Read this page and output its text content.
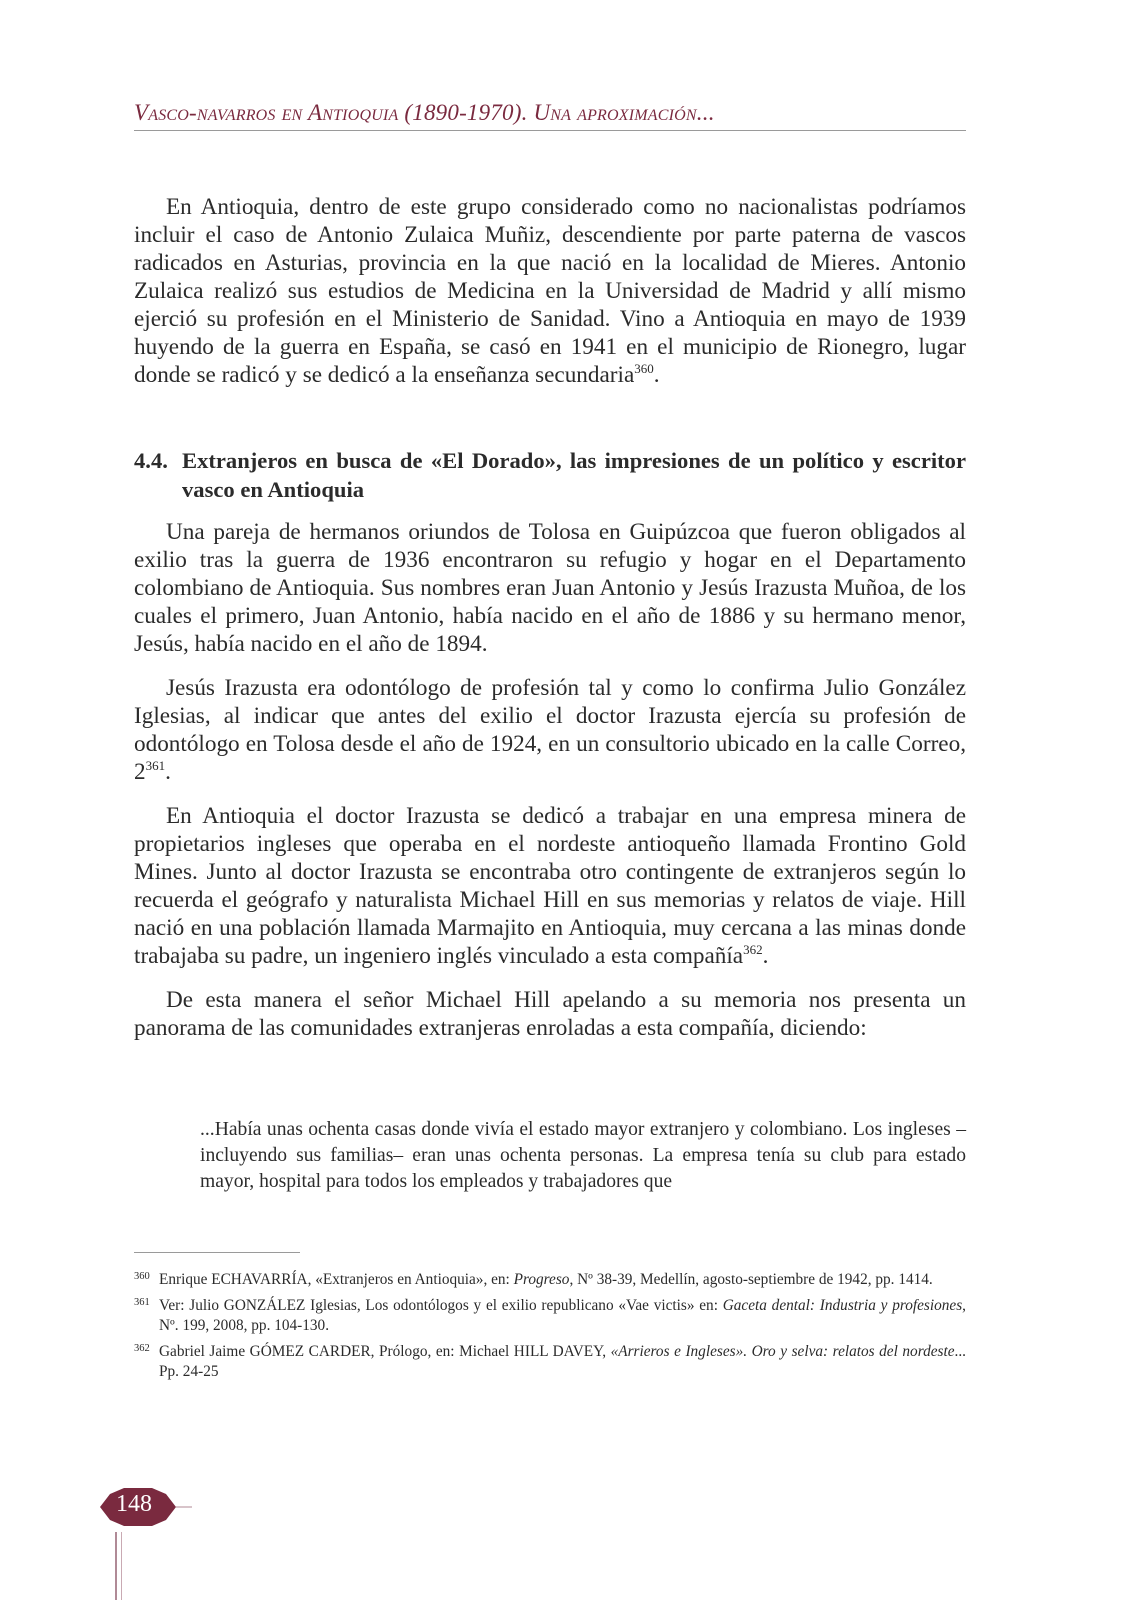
Vasco-navarros en Antioquia (1890-1970). Una aproximación...

En Antioquia, dentro de este grupo considerado como no nacionalistas podríamos incluir el caso de Antonio Zulaica Muñiz, descendiente por parte paterna de vascos radicados en Asturias, provincia en la que nació en la localidad de Mieres. Antonio Zulaica realizó sus estudios de Medicina en la Universidad de Madrid y allí mismo ejerció su profesión en el Ministerio de Sanidad. Vino a Antioquia en mayo de 1939 huyendo de la guerra en España, se casó en 1941 en el municipio de Rionegro, lugar donde se radicó y se dedicó a la enseñanza secundaria$^{360}$.

4.4. Extranjeros en busca de «El Dorado», las impresiones de un político y escritor vasco en Antioquia

Una pareja de hermanos oriundos de Tolosa en Guipúzcoa que fueron obligados al exilio tras la guerra de 1936 encontraron su refugio y hogar en el Departamento colombiano de Antioquia. Sus nombres eran Juan Antonio y Jesús Irazusta Muñoa, de los cuales el primero, Juan Antonio, había nacido en el año de 1886 y su hermano menor, Jesús, había nacido en el año de 1894.

Jesús Irazusta era odontólogo de profesión tal y como lo confirma Julio González Iglesias, al indicar que antes del exilio el doctor Irazusta ejercía su profesión de odontólogo en Tolosa desde el año de 1924, en un consultorio ubicado en la calle Correo, $2^{361}$.

En Antioquia el doctor Irazusta se dedicó a trabajar en una empresa minera de propietarios ingleses que operaba en el nordeste antioqueño llamada Frontino Gold Mines. Junto al doctor Irazusta se encontraba otro contingente de extranjeros según lo recuerda el geógrafo y naturalista Michael Hill en sus memorias y relatos de viaje. Hill nació en una población llamada Marmajito en Antioquia, muy cercana a las minas donde trabajaba su padre, un ingeniero inglés vinculado a esta compañía$^{362}$.

De esta manera el señor Michael Hill apelando a su memoria nos presenta un panorama de las comunidades extranjeras enroladas a esta compañía, diciendo:

...Había unas ochenta casas donde vivía el estado mayor extranjero y colombiano. Los ingleses –incluyendo sus familias– eran unas ochenta personas. La empresa tenía su club para estado mayor, hospital para todos los empleados y trabajadores que
360 Enrique ECHAVARRÍA, «Extranjeros en Antioquia», en: Progreso, Nº 38-39, Medellín, agosto-septiembre de 1942, pp. 1414.
361 Ver: Julio GONZÁLEZ Iglesias, Los odontólogos y el exilio republicano «Vae victis» en: Gaceta dental: Industria y profesiones, Nº. 199, 2008, pp. 104-130.
362 Gabriel Jaime GÓMEZ CARDER, Prólogo, en: Michael HILL DAVEY, «Arrieros e Ingleses». Oro y selva: relatos del nordeste... Pp. 24-25
148
